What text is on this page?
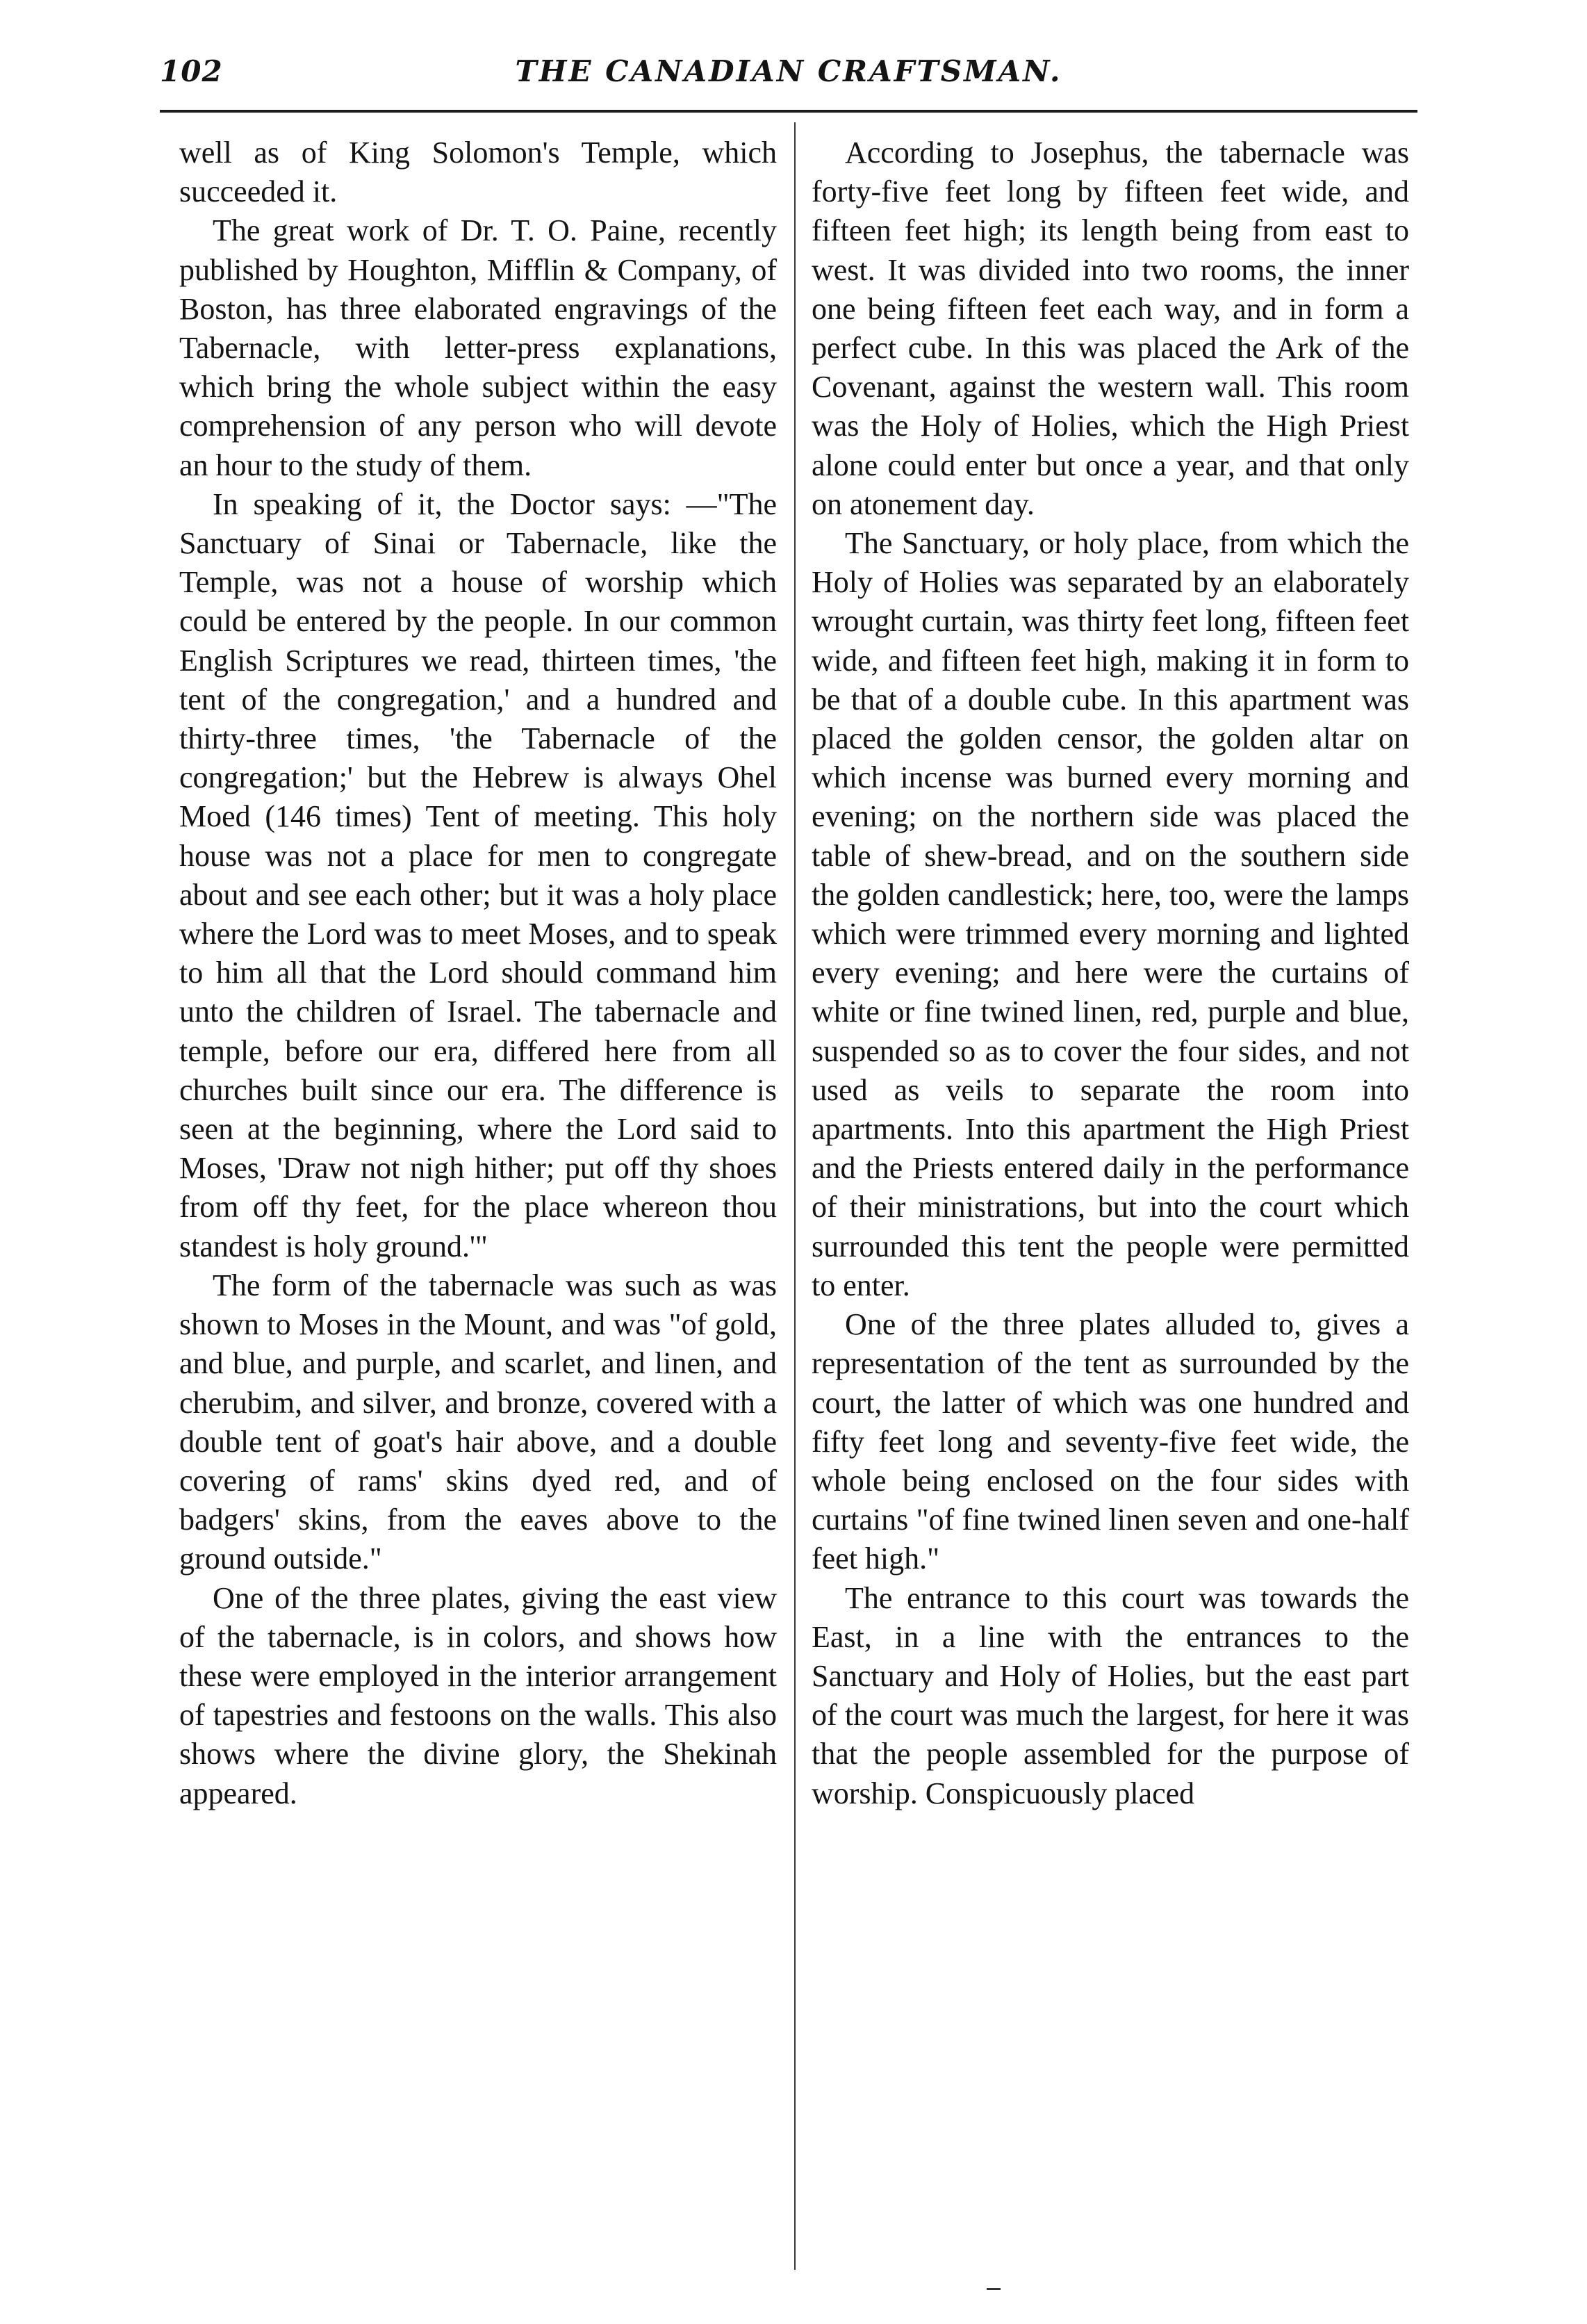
102	THE CANADIAN CRAFTSMAN.

well as of King Solomon's Temple, which succeeded it.

The great work of Dr. T. O. Paine, recently published by Houghton, Mifflin & Company, of Boston, has three elaborated engravings of the Tabernacle, with letter-press explanations, which bring the whole subject within the easy comprehension of any person who will devote an hour to the study of them.

In speaking of it, the Doctor says: —"The Sanctuary of Sinai or Tabernacle, like the Temple, was not a house of worship which could be entered by the people. In our common English Scriptures we read, thirteen times, 'the tent of the congregation,' and a hundred and thirty-three times, 'the Tabernacle of the congregation;' but the Hebrew is always Ohel Moed (146 times) Tent of meeting. This holy house was not a place for men to congregate about and see each other; but it was a holy place where the Lord was to meet Moses, and to speak to him all that the Lord should command him unto the children of Israel. The tabernacle and temple, before our era, differed here from all churches built since our era. The difference is seen at the beginning, where the Lord said to Moses, 'Draw not nigh hither; put off thy shoes from off thy feet, for the place whereon thou standest is holy ground.'"

The form of the tabernacle was such as was shown to Moses in the Mount, and was "of gold, and blue, and purple, and scarlet, and linen, and cherubim, and silver, and bronze, covered with a double tent of goat's hair above, and a double covering of rams' skins dyed red, and of badgers' skins, from the eaves above to the ground outside."

One of the three plates, giving the east view of the tabernacle, is in colors, and shows how these were employed in the interior arrangement of tapestries and festoons on the walls. This also shows where the divine glory, the Shekinah appeared.

According to Josephus, the tabernacle was forty-five feet long by fifteen feet wide, and fifteen feet high; its length being from east to west. It was divided into two rooms, the inner one being fifteen feet each way, and in form a perfect cube. In this was placed the Ark of the Covenant, against the western wall. This room was the Holy of Holies, which the High Priest alone could enter but once a year, and that only on atonement day.

The Sanctuary, or holy place, from which the Holy of Holies was separated by an elaborately wrought curtain, was thirty feet long, fifteen feet wide, and fifteen feet high, making it in form to be that of a double cube. In this apartment was placed the golden censor, the golden altar on which incense was burned every morning and evening; on the northern side was placed the table of shew-bread, and on the southern side the golden candlestick; here, too, were the lamps which were trimmed every morning and lighted every evening; and here were the curtains of white or fine twined linen, red, purple and blue, suspended so as to cover the four sides, and not used as veils to separate the room into apartments. Into this apartment the High Priest and the Priests entered daily in the performance of their ministrations, but into the court which surrounded this tent the people were permitted to enter.

One of the three plates alluded to, gives a representation of the tent as surrounded by the court, the latter of which was one hundred and fifty feet long and seventy-five feet wide, the whole being enclosed on the four sides with curtains "of fine twined linen seven and one-half feet high."

The entrance to this court was towards the East, in a line with the entrances to the Sanctuary and Holy of Holies, but the east part of the court was much the largest, for here it was that the people assembled for the purpose of worship. Conspicuously placed
